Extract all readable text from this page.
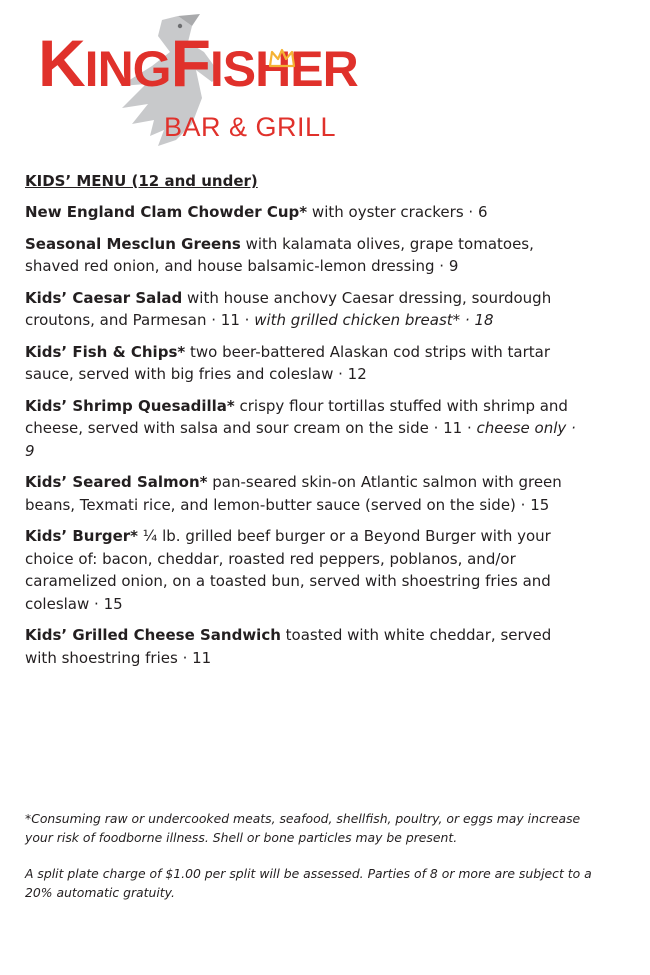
KINGFISHER
BAR & GRILL
KIDS’ MENU (12 and under)
New England Clam Chowder Cup* with oyster crackers · 6
Seasonal Mesclun Greens with kalamata olives, grape tomatoes, shaved red onion, and house balsamic-lemon dressing · 9
Kids’ Caesar Salad with house anchovy Caesar dressing, sourdough croutons, and Parmesan · 11 · with grilled chicken breast* · 18
Kids’ Fish & Chips* two beer-battered Alaskan cod strips with tartar sauce, served with big fries and coleslaw · 12
Kids’ Shrimp Quesadilla* crispy flour tortillas stuffed with shrimp and cheese, served with salsa and sour cream on the side · 11 · cheese only · 9
Kids’ Seared Salmon* pan-seared skin-on Atlantic salmon with green beans, Texmati rice, and lemon-butter sauce (served on the side) · 15
Kids’ Burger* ¼ lb. grilled beef burger or a Beyond Burger with your choice of: bacon, cheddar, roasted red peppers, poblanos, and/or caramelized onion, on a toasted bun, served with shoestring fries and coleslaw · 15
Kids’ Grilled Cheese Sandwich toasted with white cheddar, served with shoestring fries · 11

*Consuming raw or undercooked meats, seafood, shellfish, poultry, or eggs may increase your risk of foodborne illness. Shell or bone particles may be present.

A split plate charge of $1.00 per split will be assessed. Parties of 8 or more are subject to a 20% automatic gratuity.
